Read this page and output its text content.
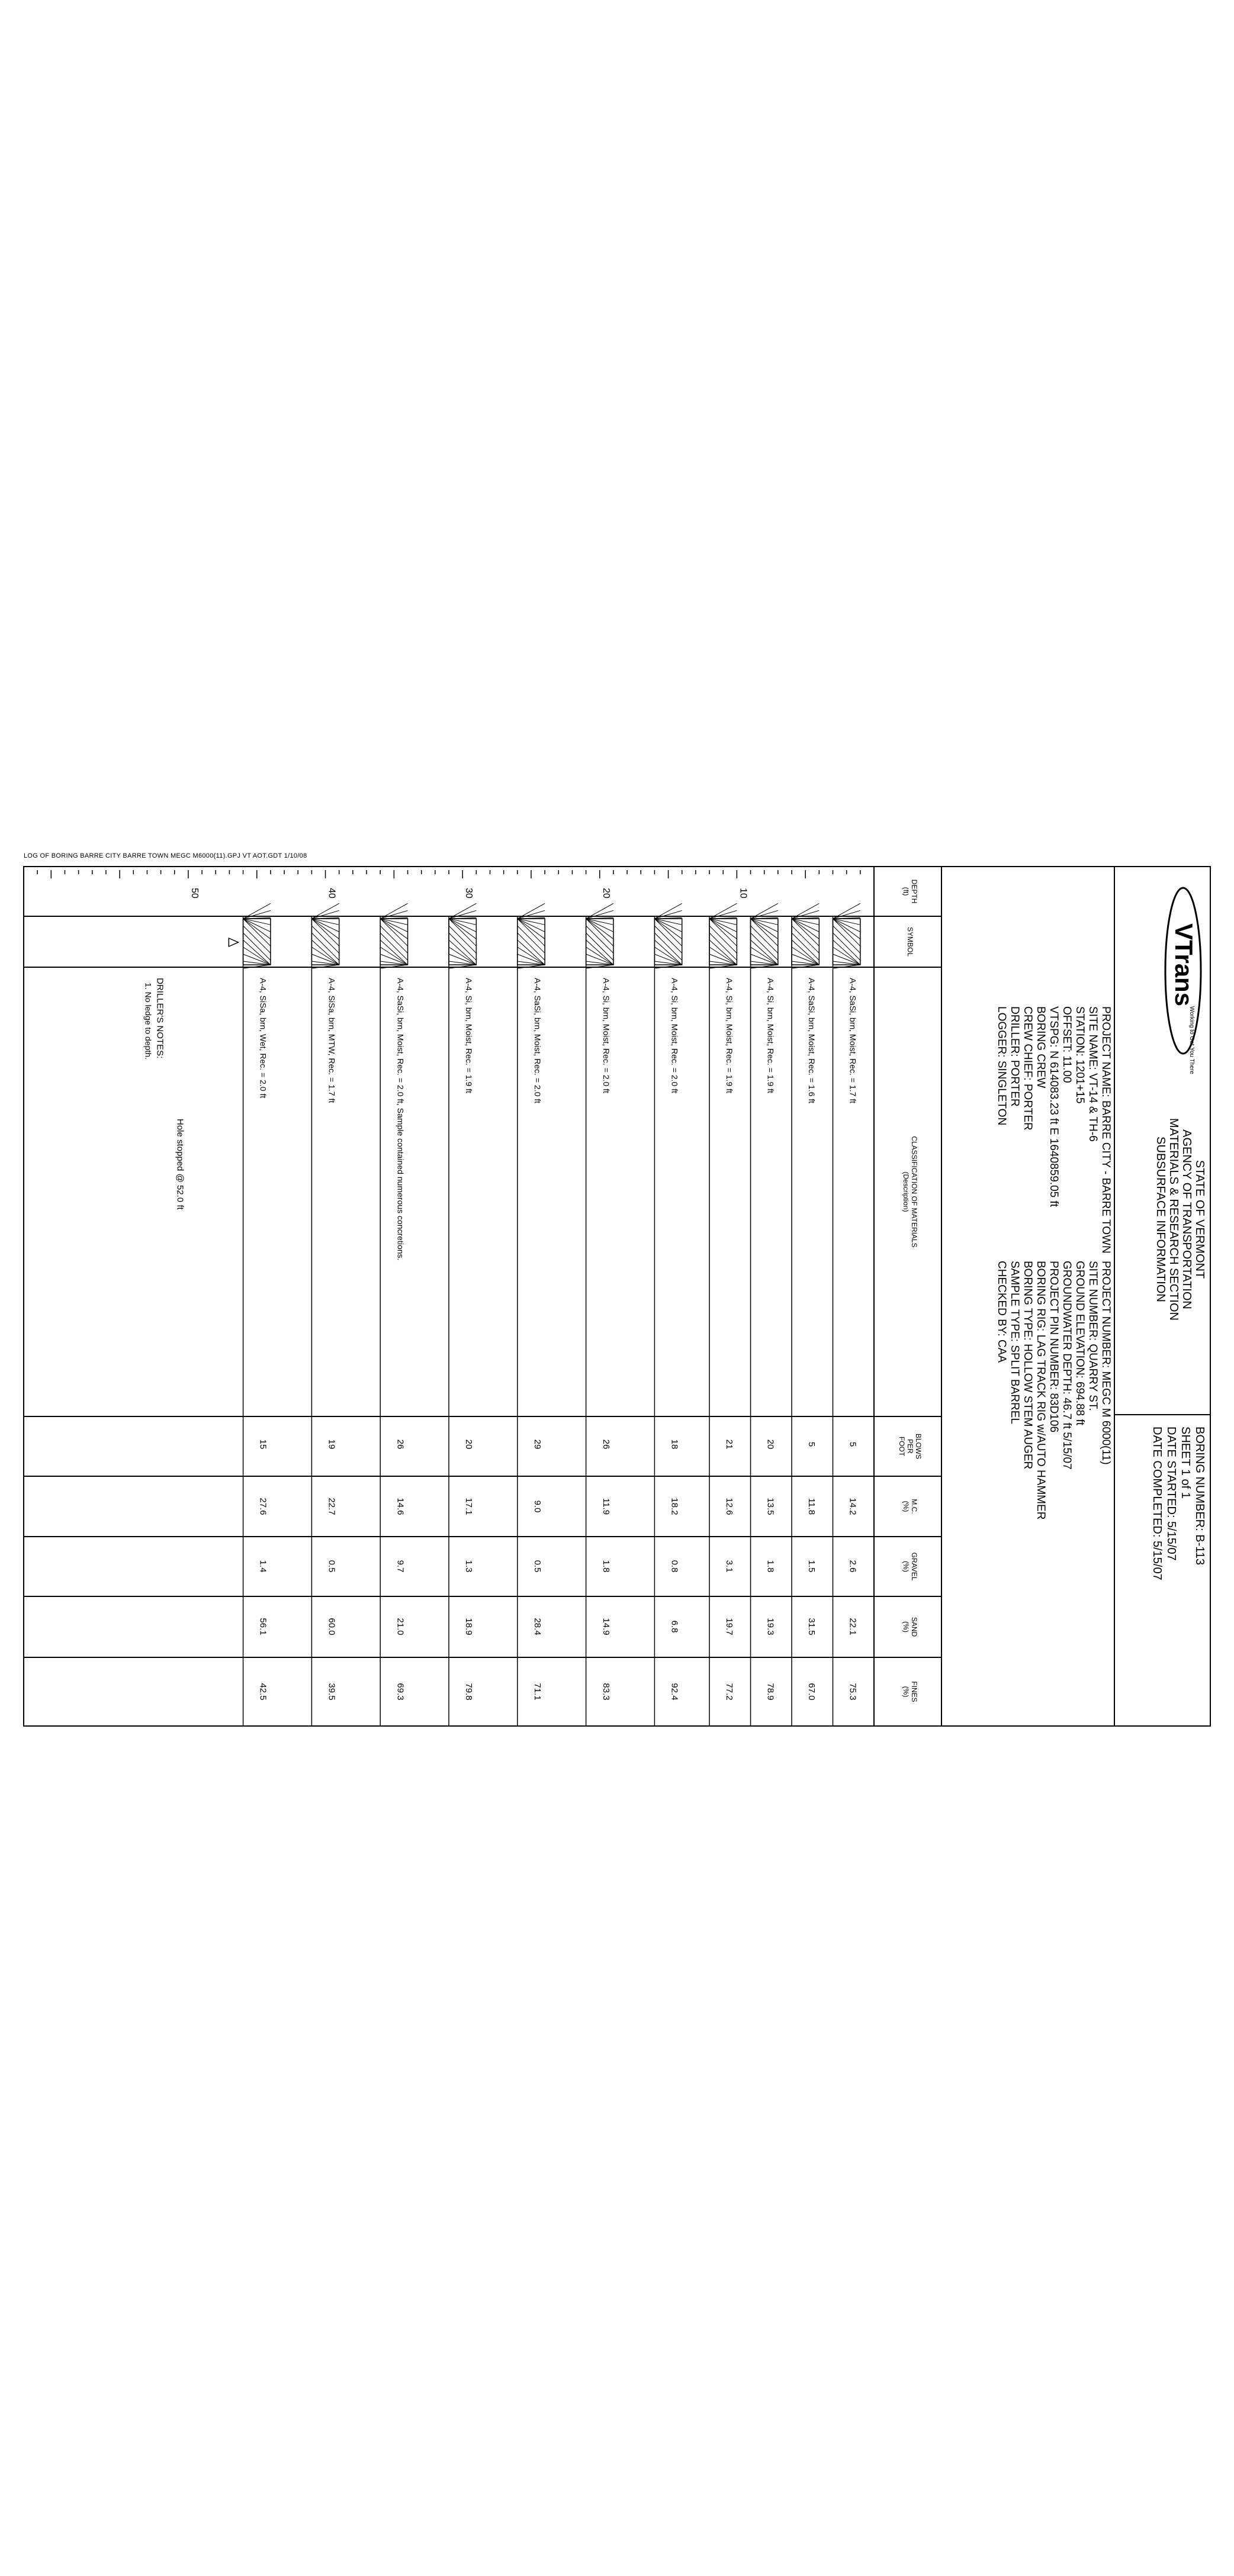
LOG OF BORING BARRE CITY BARRE TOWN MEGC M6000(11).GPJ VT AOT.GDT 1/10/08
VTrans
Working to Get You There
STATE OF VERMONT
AGENCY OF TRANSPORTATION
MATERIALS & RESEARCH SECTION
SUBSURFACE INFORMATION
BORING NUMBER: B-113
SHEET 1 of 1
DATE STARTED: 5/15/07
DATE COMPLETED: 5/15/07
PROJECT NAME: BARRE CITY - BARRE TOWN
SITE NAME: VT-14 & TH-6
STATION: 1201+15
OFFSET: 11.00
VTSPG: N 614083.23 ft E 1640859.05 ft
BORING CREW
CREW CHIEF: PORTER
DRILLER: PORTER
LOGGER: SINGLETON
PROJECT NUMBER: MEGC M 6000(11)
SITE NUMBER: QUARRY ST.
GROUND ELEVATION: 694.88 ft
GROUNDWATER DEPTH: 46.7 ft 5/15/07
PROJECT PIN NUMBER: 83D106
BORING RIG: LAG TRACK RIG w/AUTO HAMMER
BORING TYPE: HOLLOW STEM AUGER
SAMPLE TYPE: SPLIT BARREL
CHECKED BY: CAA
DEPTH
(ft)
SYMBOL
CLASSIFICATION OF MATERIALS
(Description)
BLOWS
PER
FOOT
M.C.
(%)
GRAVEL
(%)
SAND
(%)
FINES
(%)
10
20
30
40
50
A-4, SaSi, brn, Moist, Rec. = 1.7 ft
5
14.2
2.6
22.1
75.3
A-4, SaSi, brn, Moist, Rec. = 1.6 ft
5
11.8
1.5
31.5
67.0
A-4, Si, brn, Moist, Rec. = 1.9 ft
20
13.5
1.8
19.3
78.9
A-4, Si, brn, Moist, Rec. = 1.9 ft
21
12.6
3.1
19.7
77.2
A-4, Si, brn, Moist, Rec. = 2.0 ft
18
18.2
0.8
6.8
92.4
A-4, Si, brn, Moist, Rec. = 2.0 ft
26
11.9
1.8
14.9
83.3
A-4, SaSi, brn, Moist, Rec. = 2.0 ft
29
9.0
0.5
28.4
71.1
A-4, Si, brn, Moist, Rec. = 1.9 ft
20
17.1
1.3
18.9
79.8
A-4, SaSi, brn, Moist, Rec. = 2.0 ft, Sample contained numerous concretions.
26
14.6
9.7
21.0
69.3
A-4, SiSa, brn, MTW, Rec. = 1.7 ft
19
22.7
0.5
60.0
39.5
A-4, SiSa, brn, Wet, Rec. = 2.0 ft
15
27.6
1.4
56.1
42.5
Hole stopped @ 52.0 ft
DRILLER'S NOTES:
1. No ledge to depth.
